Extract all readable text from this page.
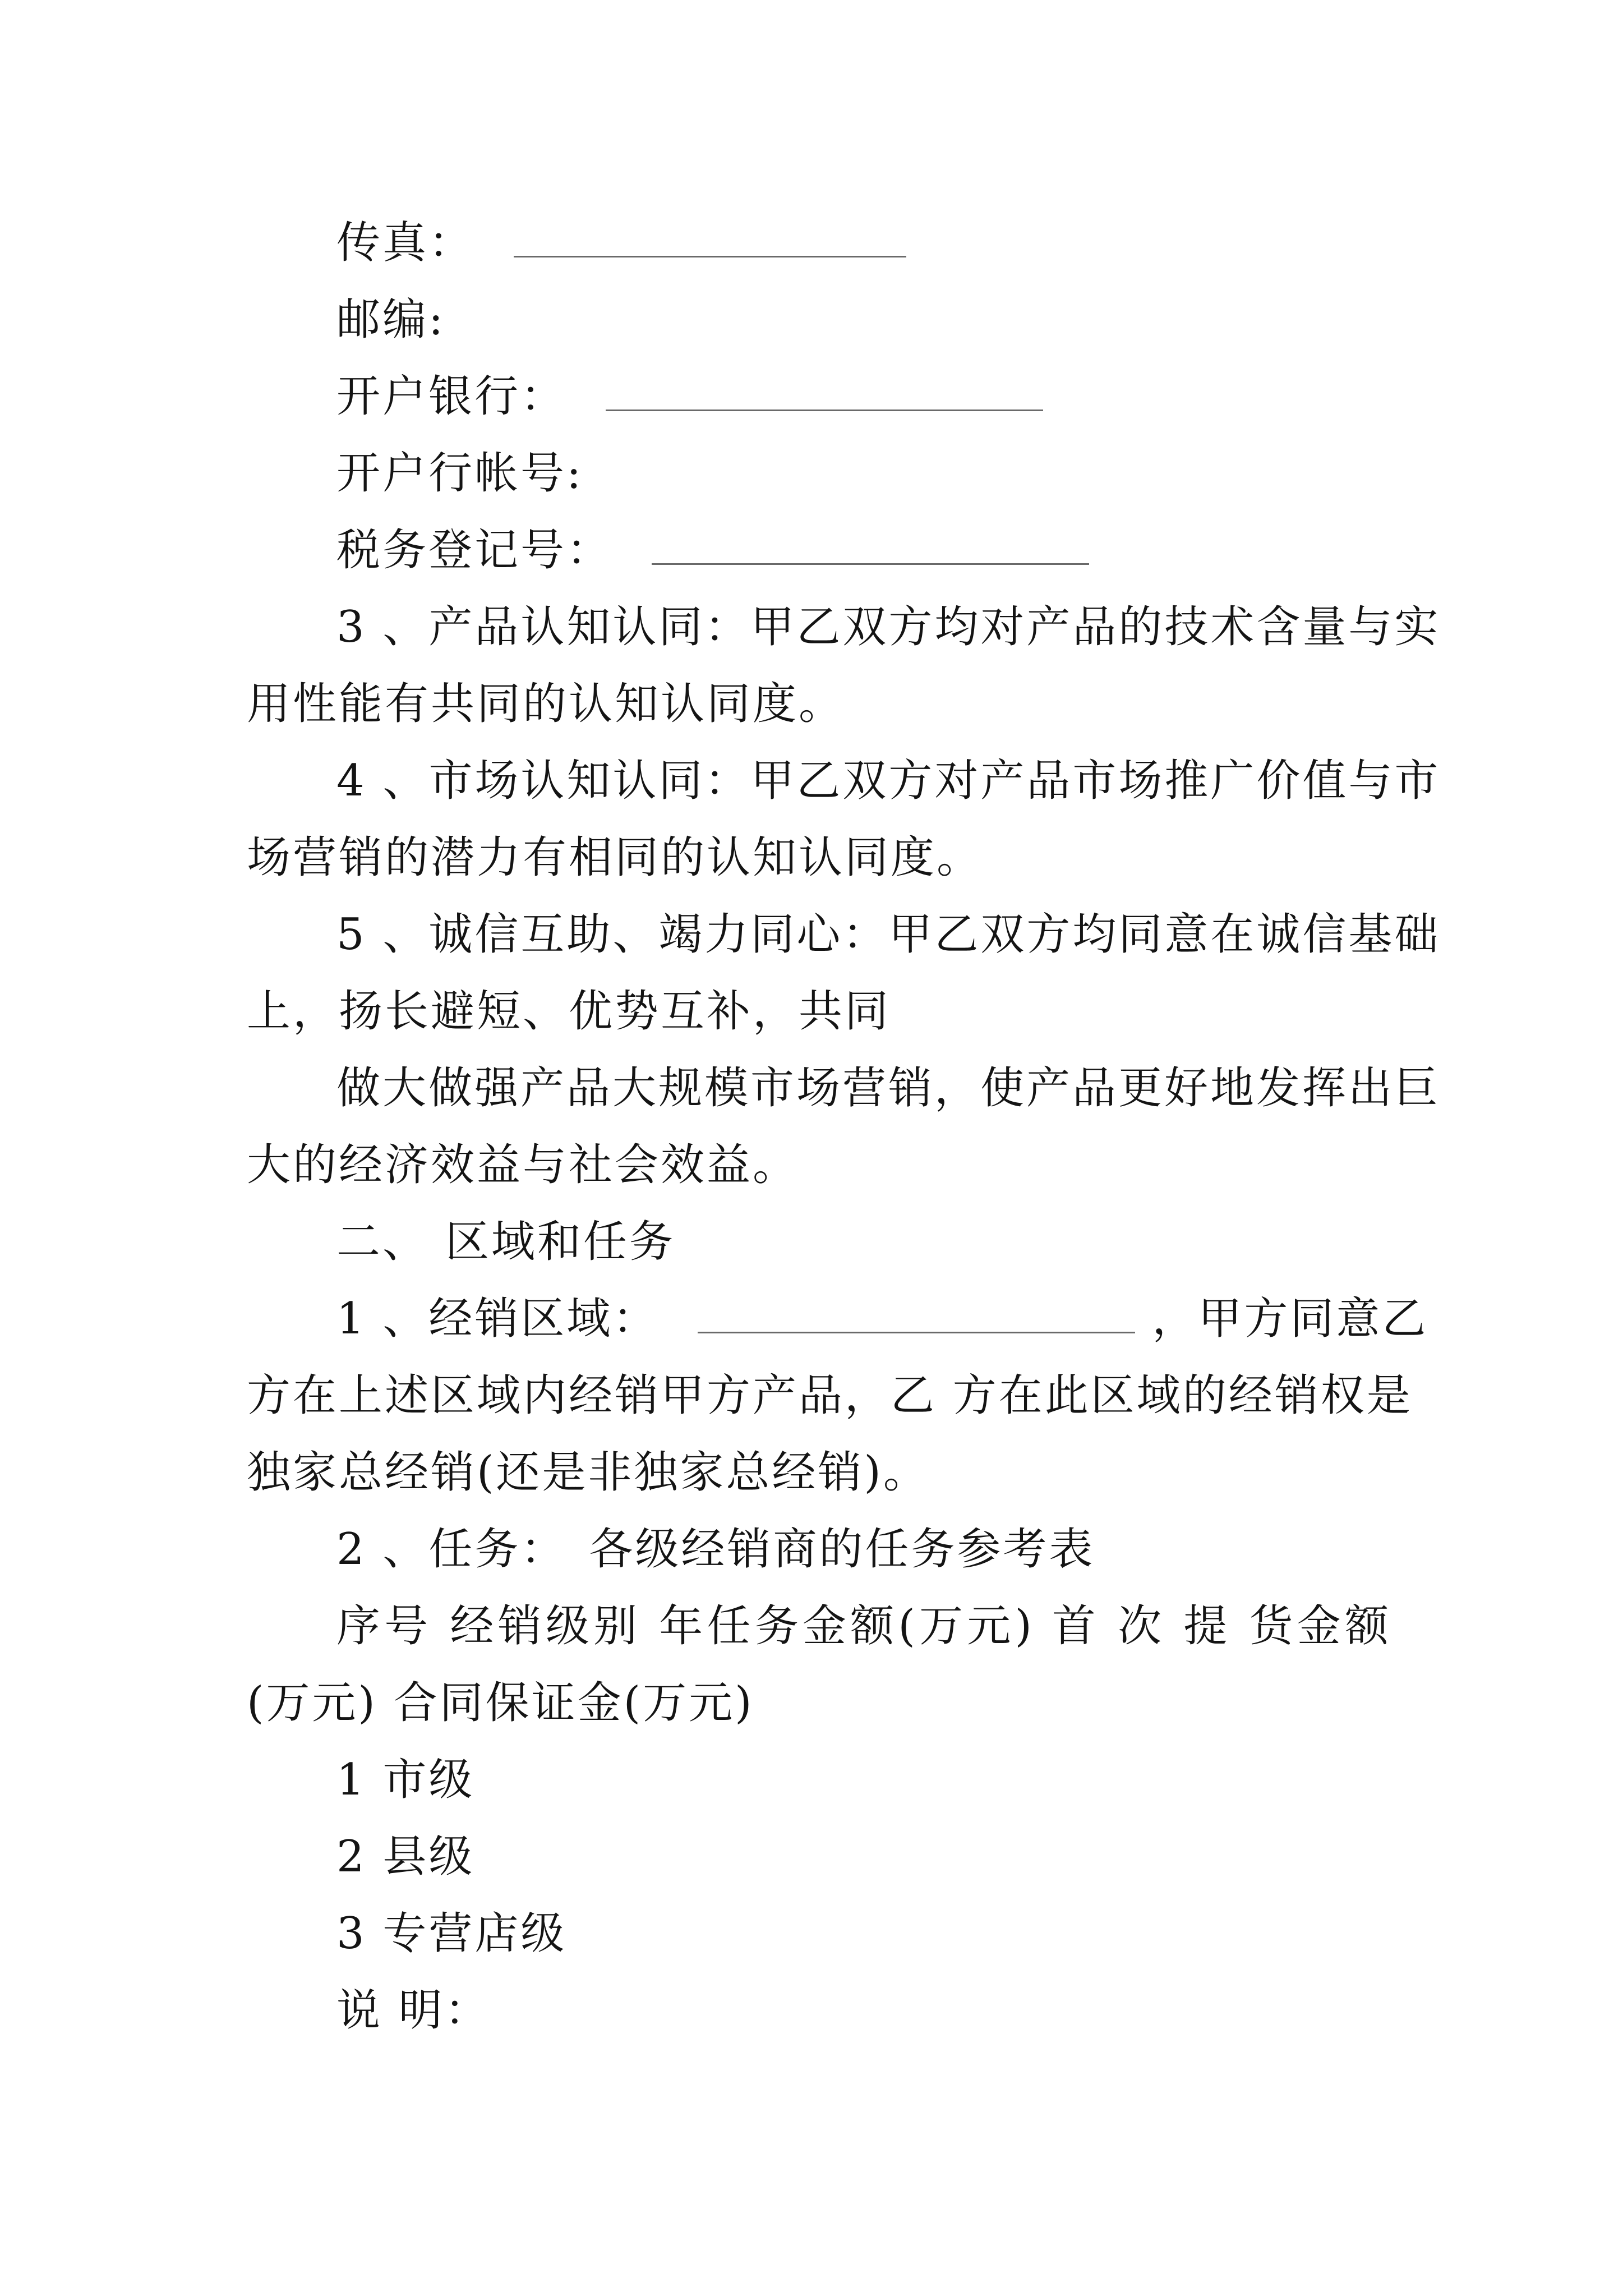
传真：
邮编:
开户银行：
开户行帐号:
税务登记号：
3 、产品认知认同：甲乙双方均对产品的技术含量与实
用性能有共同的认知认同度。
4 、市场认知认同：甲乙双方对产品市场推广价值与市
场营销的潜力有相同的认知认同度。
5 、诚信互助、竭力同心：甲乙双方均同意在诚信基础
上，扬长避短、优势互补，共同
做大做强产品大规模市场营销，使产品更好地发挥出巨
大的经济效益与社会效益。
二、 区域和任务
1 、经销区域：	，甲方同意乙
方在上述区域内经销甲方产品，乙 方在此区域的经销权是
独家总经销(还是非独家总经销)。
2 、任务： 各级经销商的任务参考表
序号 经销级别 年任务金额(万元) 首 次 提 货金额
(万元) 合同保证金(万元)
1 市级
2 县级
3 专营店级
说 明：
